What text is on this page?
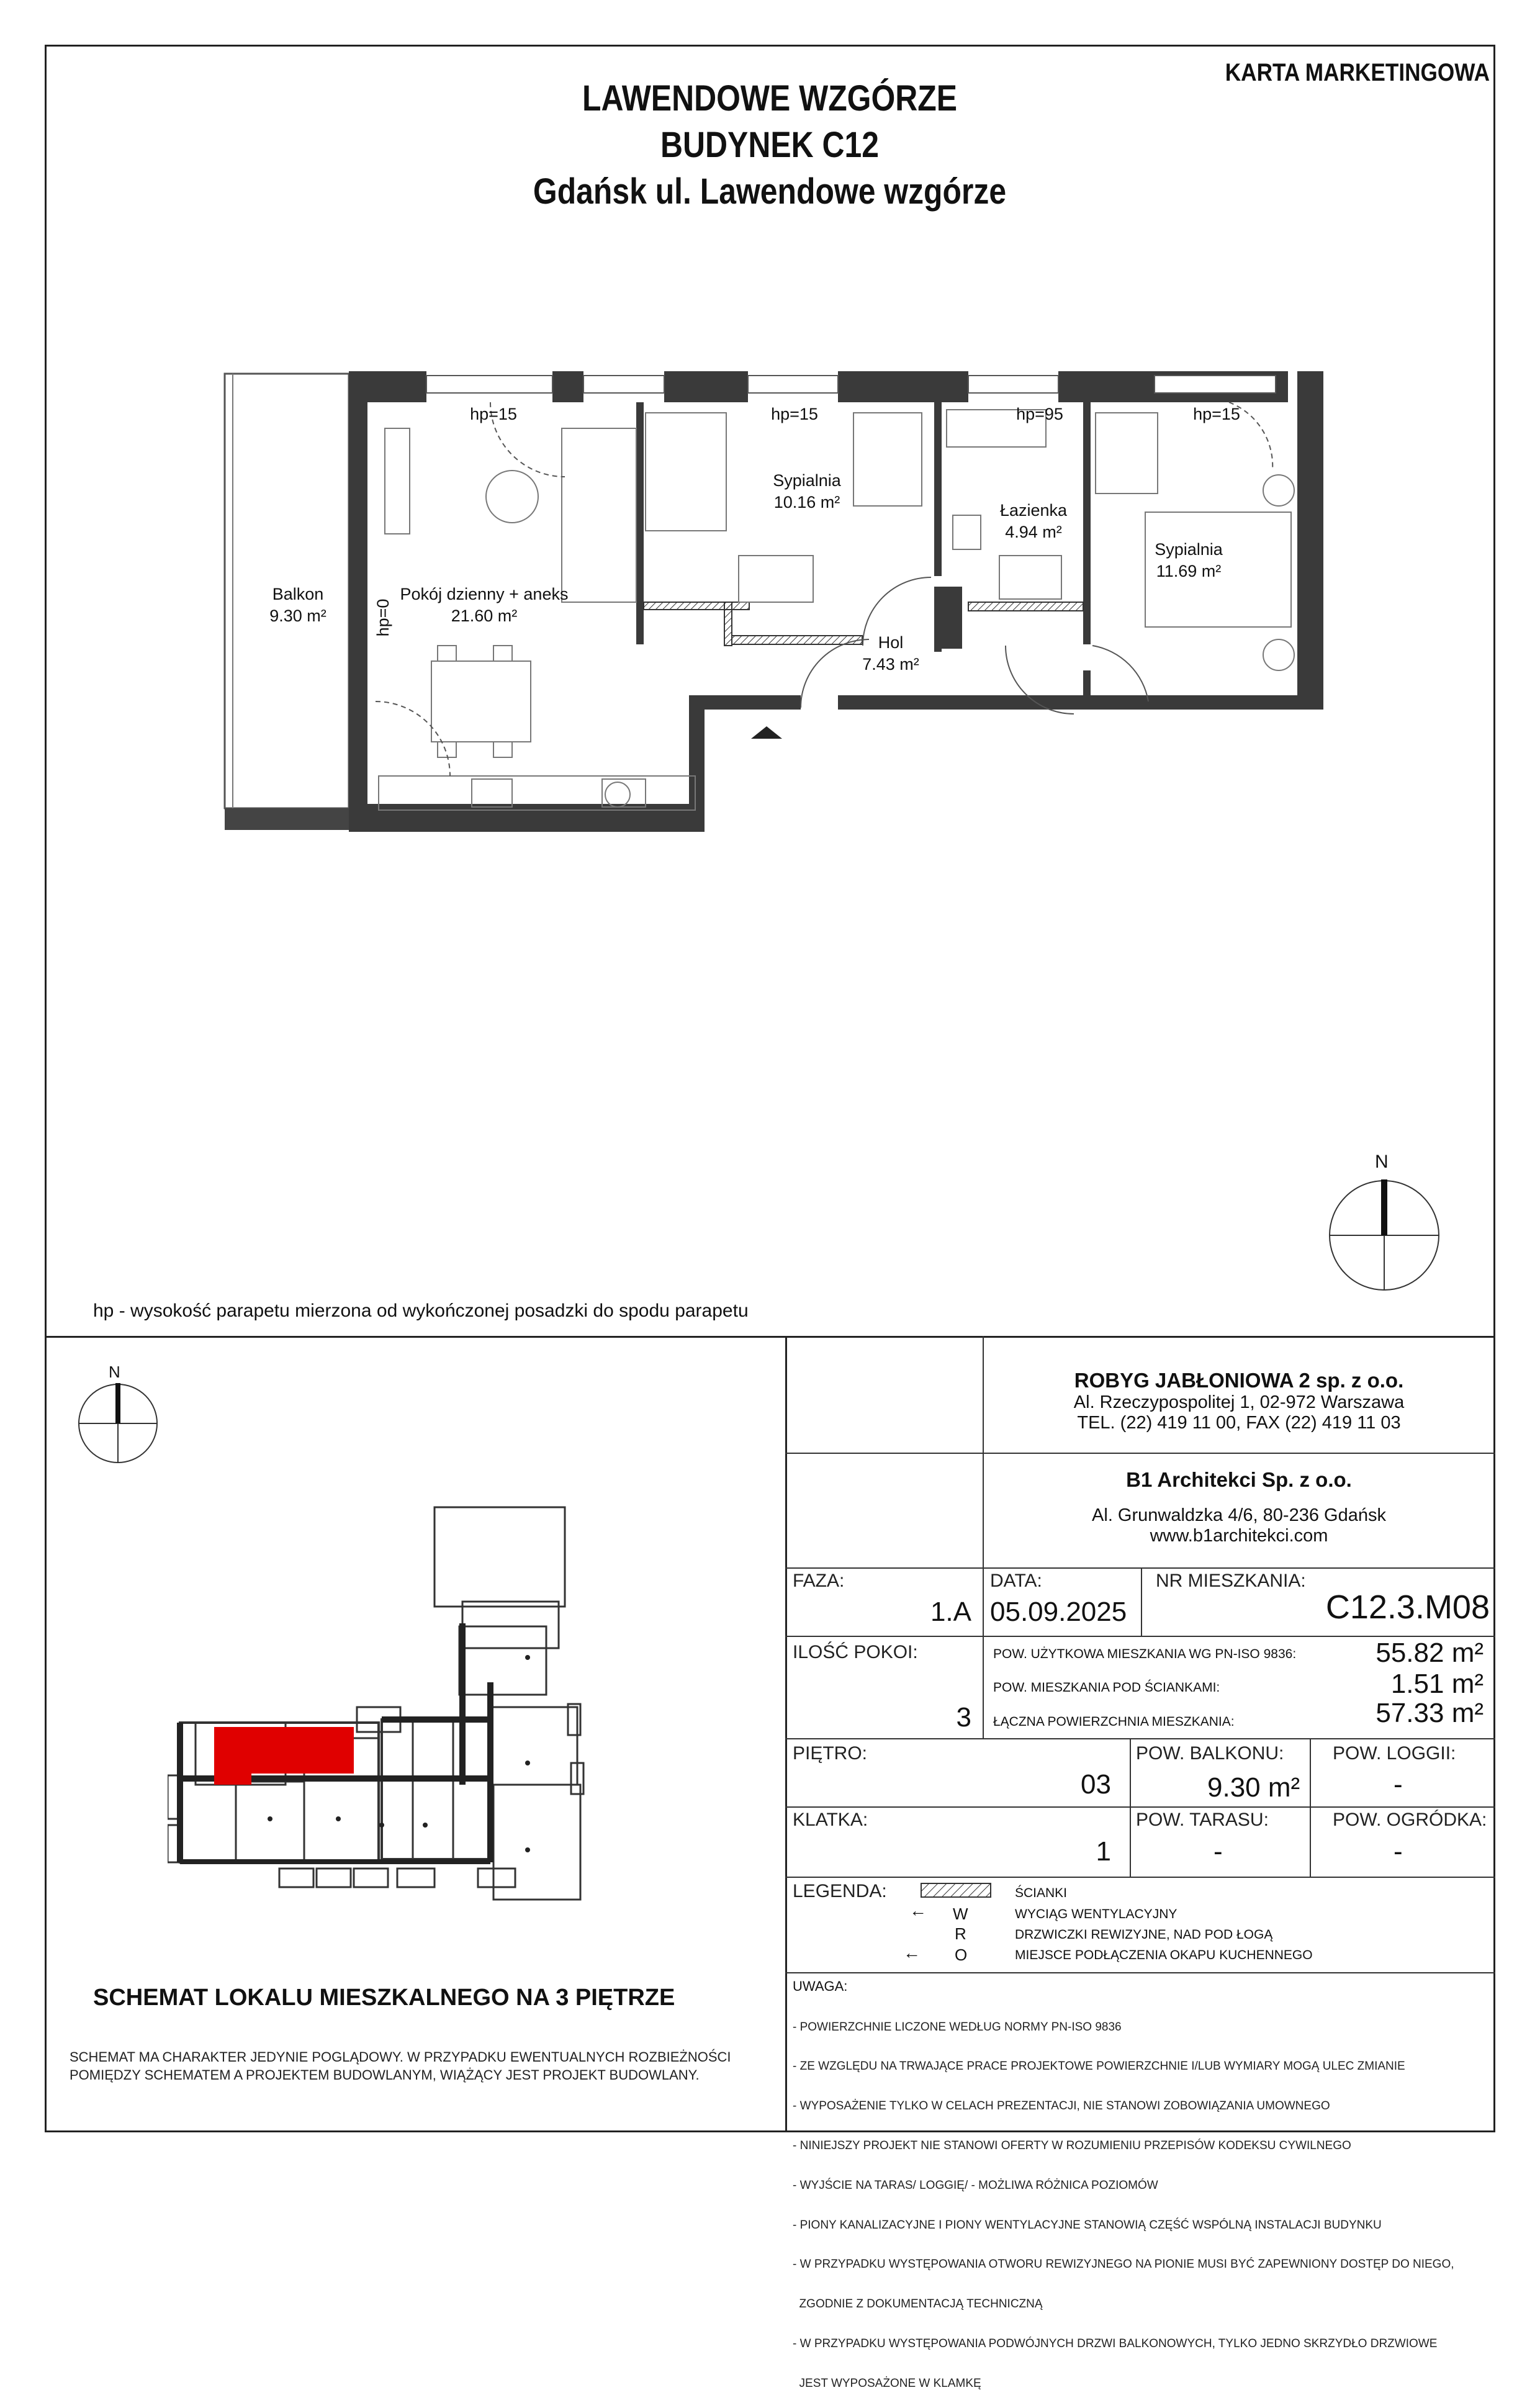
KARTA MARKETINGOWA
LAWENDOWE WZGÓRZE
BUDYNEK C12
Gdańsk ul. Lawendowe wzgórze
Balkon
9.30 m²
Pokój dzienny + aneks
21.60 m²
Sypialnia
10.16 m²	Łazienka
4.94 m²
Sypialnia
11.69 m²
Hol
7.43 m²
hp=15	hp=15	hp=95	hp=15
hp=0
N
hp - wysokość parapetu mierzona od wykończonej posadzki do spodu parapetu
N
SCHEMAT LOKALU MIESZKALNEGO NA 3 PIĘTRZE
SCHEMAT MA CHARAKTER JEDYNIE POGLĄDOWY. W PRZYPADKU EWENTUALNYCH ROZBIEŻNOŚCI
POMIĘDZY SCHEMATEM A PROJEKTEM BUDOWLANYM, WIĄŻĄCY JEST PROJEKT BUDOWLANY.
ROBYG JABŁONIOWA 2 sp. z o.o.
Al. Rzeczypospolitej 1, 02-972 Warszawa
TEL. (22) 419 11 00, FAX (22) 419 11 03
B1 Architekci Sp. z o.o.
Al. Grunwaldzka 4/6, 80-236 Gdańsk
www.b1architekci.com
FAZA:
1.A
DATA:
05.09.2025
NR MIESZKANIA:
C12.3.M08
ILOŚĆ POKOI:
3
POW. UŻYTKOWA MIESZKANIA WG PN-ISO 9836:	55.82 m²
POW. MIESZKANIA POD ŚCIANKAMI:	1.51 m²
ŁĄCZNA POWIERZCHNIA MIESZKANIA:	57.33 m²
PIĘTRO:
03
POW. BALKONU:
9.30 m²
POW. LOGGII:
-
KLATKA:
1
POW. TARASU:
-
POW. OGRÓDKA:
-
LEGENDA:	ŚCIANKI
← W	WYCIĄG WENTYLACYJNY
R	DRZWICZKI REWIZYJNE, NAD POD ŁOGĄ
← O	MIEJSCE PODŁĄCZENIA OKAPU KUCHENNEGO
UWAGA:

- POWIERZCHNIE LICZONE WEDŁUG NORMY PN-ISO 9836

- ZE WZGLĘDU NA TRWAJĄCE PRACE PROJEKTOWE POWIERZCHNIE I/LUB WYMIARY MOGĄ ULEC ZMIANIE

- WYPOSAŻENIE TYLKO W CELACH PREZENTACJI, NIE STANOWI ZOBOWIĄZANIA UMOWNEGO

- NINIEJSZY PROJEKT NIE STANOWI OFERTY W ROZUMIENIU PRZEPISÓW KODEKSU CYWILNEGO

- WYJŚCIE NA TARAS/ LOGGIĘ/ - MOŻLIWA RÓŻNICA POZIOMÓW

- PIONY KANALIZACYJNE I PIONY WENTYLACYJNE STANOWIĄ CZĘŚĆ WSPÓLNĄ INSTALACJI BUDYNKU

- W PRZYPADKU WYSTĘPOWANIA OTWORU REWIZYJNEGO NA PIONIE MUSI BYĆ ZAPEWNIONY DOSTĘP DO NIEGO,

ZGODNIE Z DOKUMENTACJĄ TECHNICZNĄ

- W PRZYPADKU WYSTĘPOWANIA PODWÓJNYCH DRZWI BALKONOWYCH, TYLKO JEDNO SKRZYDŁO DRZWIOWE

JEST WYPOSAŻONE W KLAMKĘ
